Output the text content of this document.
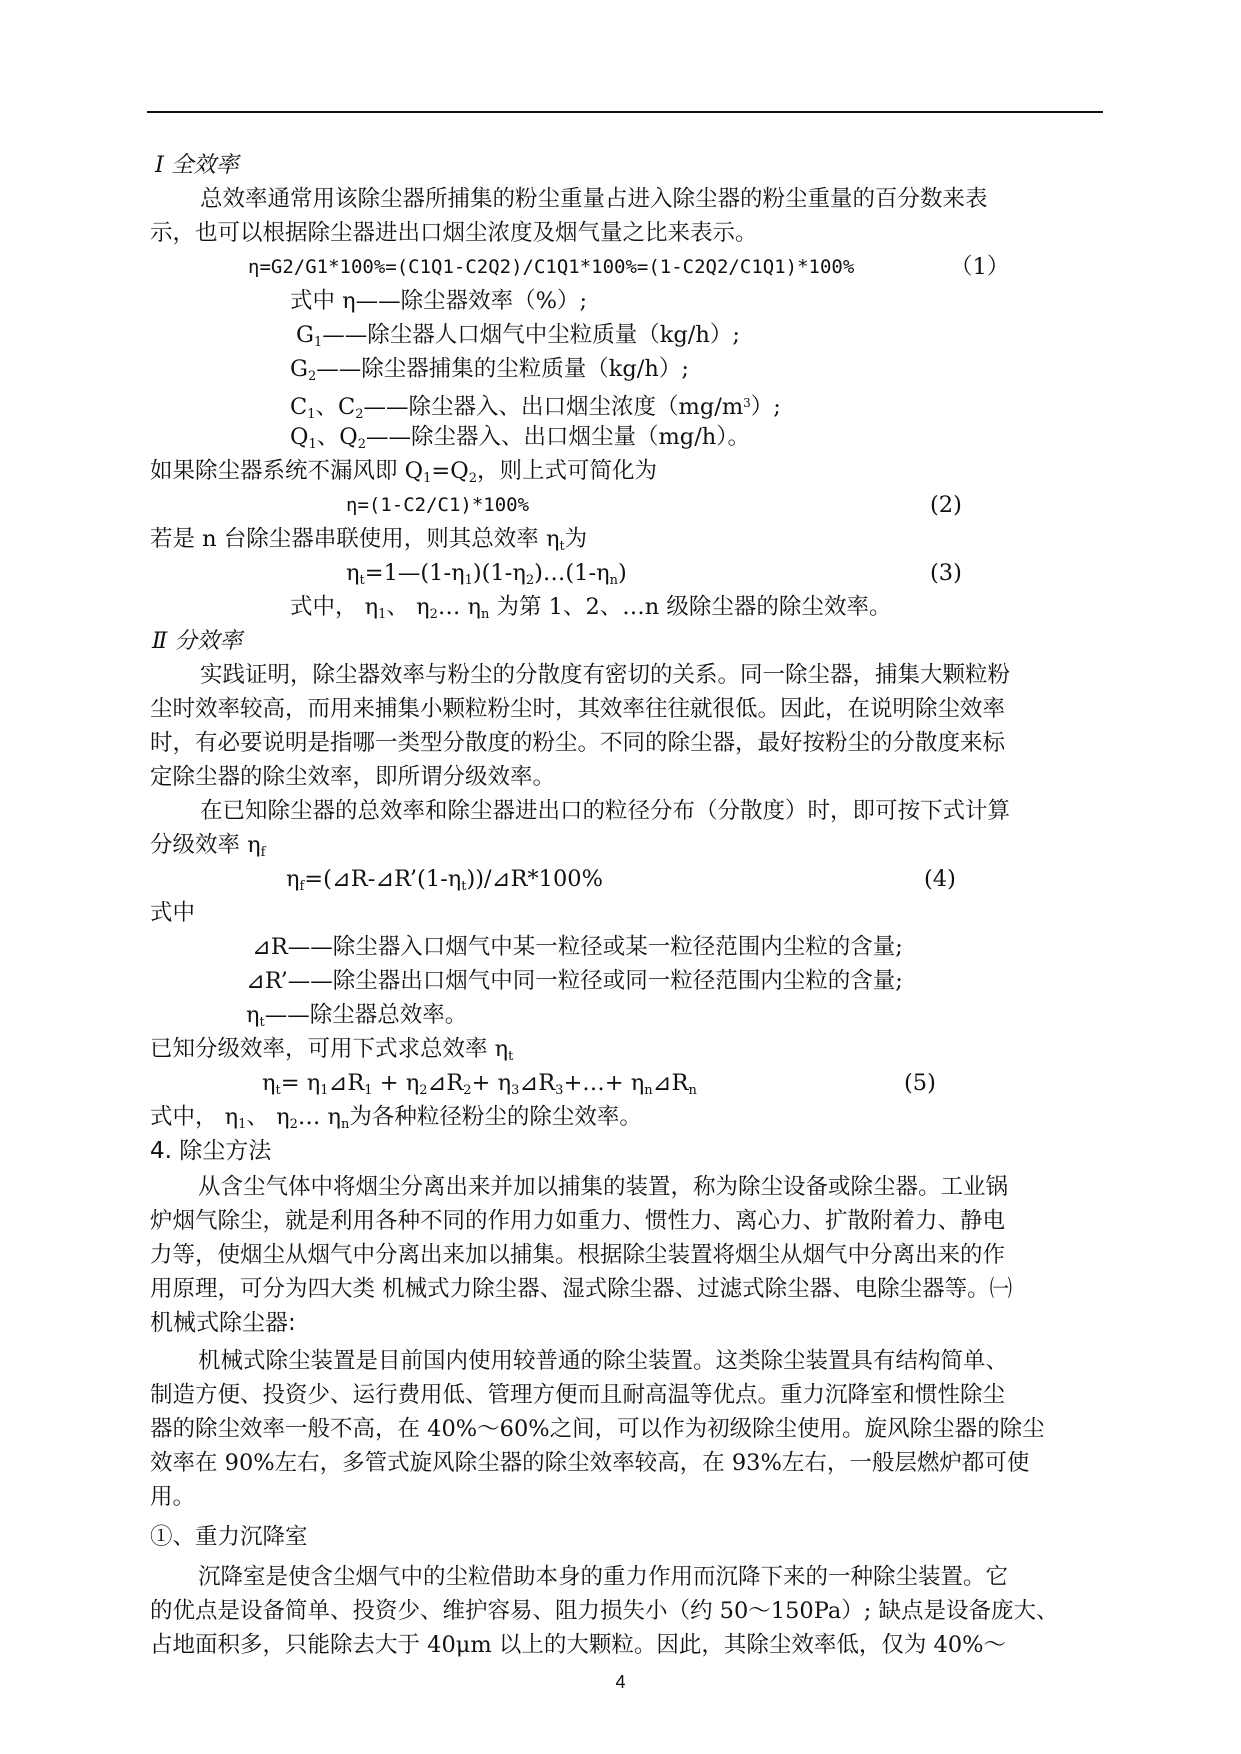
Ⅰ 全效率
总效率通常用该除尘器所捕集的粉尘重量占进入除尘器的粉尘重量的百分数来表
示，也可以根据除尘器进出口烟尘浓度及烟气量之比来表示。
η=G2/G1*100%=(C1Q1-C2Q2)/C1Q1*100%=(1-C2Q2/C1Q1)*100%	（1）
式中 η——除尘器效率（%）;
$G_1——$除尘器人口烟气中尘粒质量（kg/h）;
$G_2——$除尘器捕集的尘粒质量（kg/h）;
$C_1$、$C_2——$除尘器入、出口烟尘浓度$(mg/m^3)$;
$Q_1$、$Q_2——$除尘器入、出口烟尘量（mg/h）。
如果除尘器系统不漏风即 $Q_1=Q_2$，则上式可简化为
η=(1-C2/C1)*100%	(2)
若是 n 台除尘器串联使用，则其总效率 $\eta_t$为
$\eta_t=1—(1-\eta_1)(1-\eta_2)\dots(1-\eta_n)$	(3)
式中， $\eta_1$、 $\eta_2\dots$ $\eta_n$ 为第 1、2、…n 级除尘器的除尘效率。
Ⅱ 分效率
实践证明，除尘器效率与粉尘的分散度有密切的关系。同一除尘器，捕集大颗粒粉
尘时效率较高，而用来捕集小颗粒粉尘时，其效率往往就很低。因此，在说明除尘效率
时，有必要说明是指哪一类型分散度的粉尘。不同的除尘器，最好按粉尘的分散度来标
定除尘器的除尘效率，即所谓分级效率。
在已知除尘器的总效率和除尘器进出口的粒径分布（分散度）时，即可按下式计算
分级效率 $\eta_f$
$\eta_f=(⊿R-⊿R’(1-\eta_t))/⊿R*100\%$	(4)
式中
⊿R——除尘器入口烟气中某一粒径或某一粒径范围内尘粒的含量;
⊿R’——除尘器出口烟气中同一粒径或同一粒径范围内尘粒的含量;
$\eta_t——$除尘器总效率。
已知分级效率，可用下式求总效率 $\eta_t$
$\eta_t=$ $\eta_1⊿R_1$ + $\eta_2⊿R_2+$ $\eta_3⊿R_3+\dots+$ $\eta_n⊿R_n$	(5)
式中， $\eta_1$、 $\eta_2\dots$ $\eta_n$为各种粒径粉尘的除尘效率。
4. 除尘方法
从含尘气体中将烟尘分离出来并加以捕集的装置，称为除尘设备或除尘器。工业锅
炉烟气除尘，就是利用各种不同的作用力如重力、惯性力、离心力、扩散附着力、静电
力等，使烟尘从烟气中分离出来加以捕集。根据除尘装置将烟尘从烟气中分离出来的作
用原理，可分为四大类 机械式力除尘器、湿式除尘器、过滤式除尘器、电除尘器等。㈠
机械式除尘器:
机械式除尘装置是目前国内使用较普通的除尘装置。这类除尘装置具有结构简单、
制造方便、投资少、运行费用低、管理方便而且耐高温等优点。重力沉降室和惯性除尘
器的除尘效率一般不高，在 40%～60%之间，可以作为初级除尘使用。旋风除尘器的除尘
效率在 90%左右，多管式旋风除尘器的除尘效率较高，在 93%左右，一般层燃炉都可使
用。
①、重力沉降室
沉降室是使含尘烟气中的尘粒借助本身的重力作用而沉降下来的一种除尘装置。它
的优点是设备简单、投资少、维护容易、阻力损失小（约 50～150Pa）; 缺点是设备庞大、
占地面积多，只能除去大于 40μm 以上的大颗粒。因此，其除尘效率低，仅为 40%～
4
